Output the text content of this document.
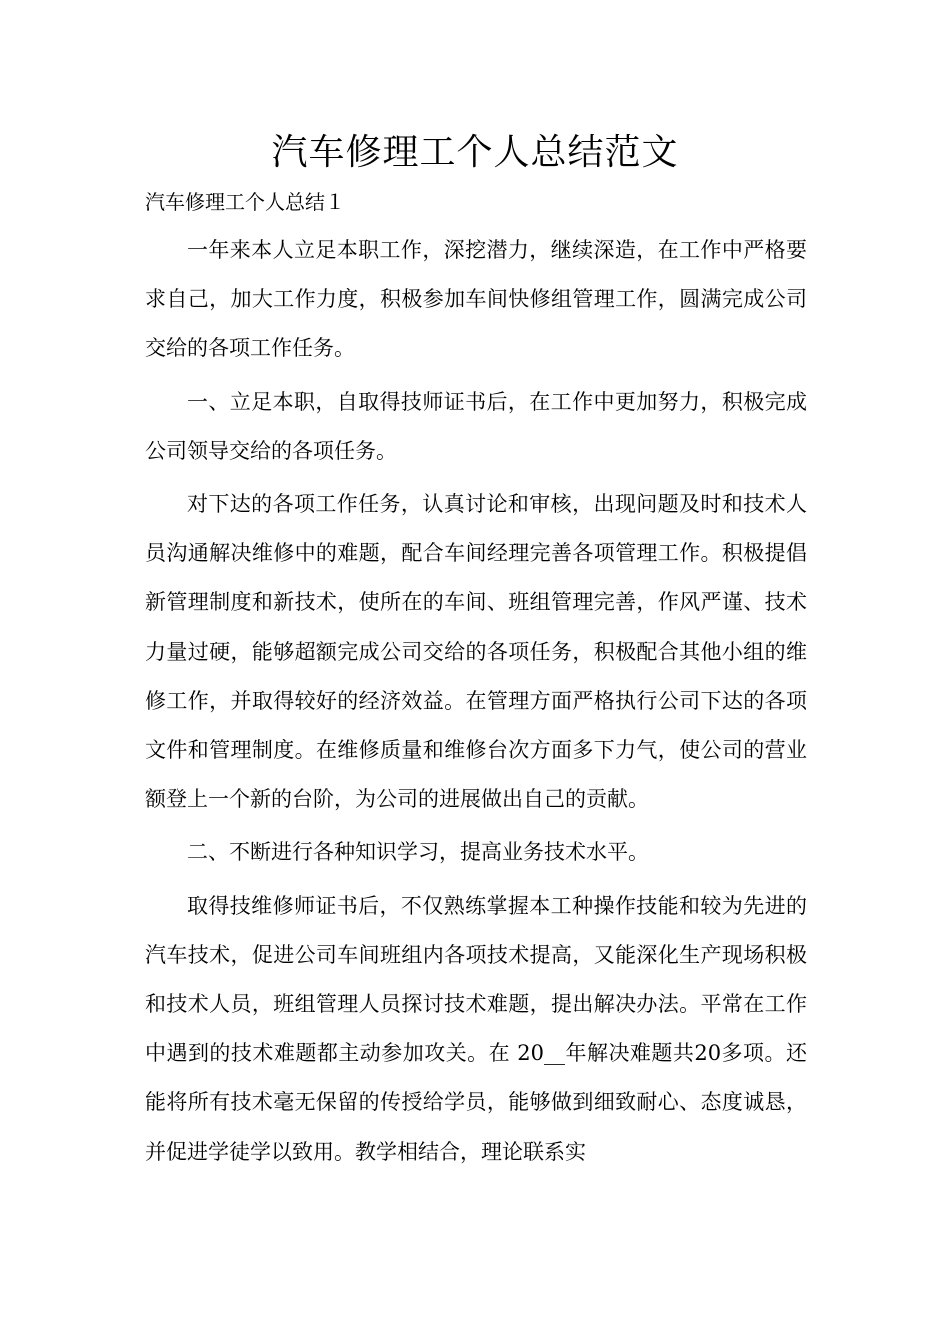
汽车修理工个人总结范文

汽车修理工个人总结１

一年来本人立足本职工作，深挖潜力，继续深造，在工作中严格要求自己，加大工作力度，积极参加车间快修组管理工作，圆满完成公司交给的各项工作任务。

一、立足本职，自取得技师证书后，在工作中更加努力，积极完成公司领导交给的各项任务。

对下达的各项工作任务，认真讨论和审核，出现问题及时和技术人员沟通解决维修中的难题，配合车间经理完善各项管理工作。积极提倡新管理制度和新技术，使所在的车间、班组管理完善，作风严谨、技术力量过硬，能够超额完成公司交给的各项任务，积极配合其他小组的维修工作，并取得较好的经济效益。在管理方面严格执行公司下达的各项文件和管理制度。在维修质量和维修台次方面多下力气，使公司的营业额登上一个新的台阶，为公司的进展做出自己的贡献。

二、不断进行各种知识学习，提高业务技术水平。

取得技维修师证书后，不仅熟练掌握本工种操作技能和较为先进的汽车技术，促进公司车间班组内各项技术提高，又能深化生产现场积极和技术人员，班组管理人员探讨技术难题，提出解决办法。平常在工作中遇到的技术难题都主动参加攻关。在 20__年解决难题共20多项。还能将所有技术毫无保留的传授给学员，能够做到细致耐心、态度诚恳，并促进学徒学以致用。教学相结合，理论联系实
